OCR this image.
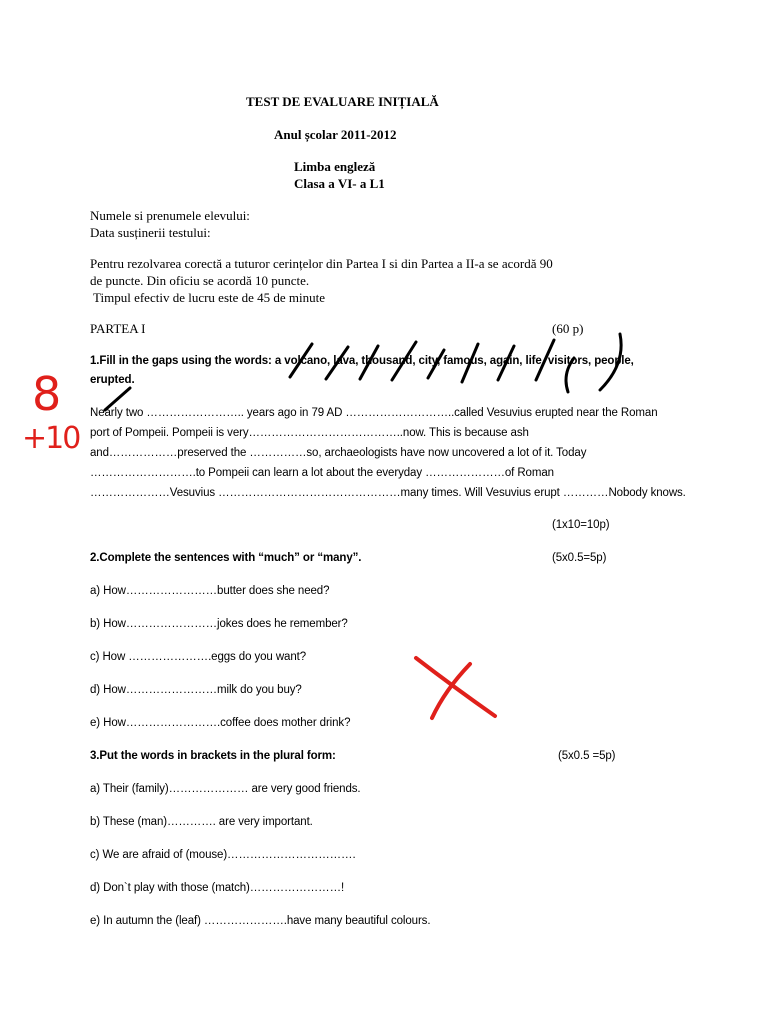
TEST DE EVALUARE INIȚIALĂ
Anul școlar 2011-2012
Limba engleză
Clasa a VI- a L1
Numele si prenumele elevului:
Data susținerii testului:
Pentru rezolvarea corectă a tuturor cerințelor din Partea I si din Partea a II-a se acordă 90
de puncte. Din oficiu se acordă 10 puncte.
Timpul efectiv de lucru este de 45 de minute
PARTEA I	(60 p)
1.Fill in the gaps using the words: a volcano, lava, thousand, city, famous, again, life, visitors, people,
erupted.
Nearly two …………………….. years ago in 79 AD ………………………..called Vesuvius erupted near the Roman
port of Pompeii. Pompeii is very…………………………………..now. This is because ash
and………………preserved the ……………so, archaeologists have now uncovered a lot of it. Today
……………………….to Pompeii can learn a lot about the everyday …………………of Roman
…………………Vesuvius …………………………………………many times. Will Vesuvius erupt …………Nobody knows.
(1x10=10p)
2.Complete the sentences with “much” or “many”.	(5x0.5=5p)
a) How……………………butter does she need?
b) How……………………jokes does he remember?
c) How ………………….eggs do you want?
d) How……………………milk do you buy?
e) How…………………….coffee does mother drink?
3.Put the words in brackets in the plural form:	(5x0.5 =5p)
a) Their (family)………………… are very good friends.
b) These (man)…………. are very important.
c) We are afraid of (mouse)…………………………….
d) Don`t play with those (match)……………………!
e) In autumn the (leaf) ………………….have many beautiful colours.
8
+10
